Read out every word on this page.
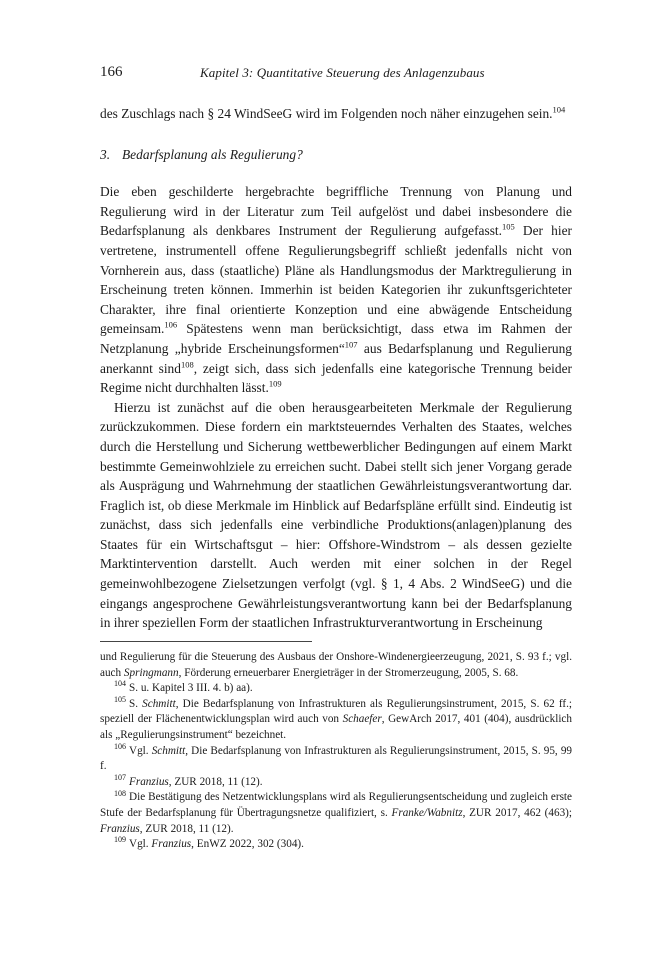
166	Kapitel 3: Quantitative Steuerung des Anlagenzubaus

des Zuschlags nach § 24 WindSeeG wird im Folgenden noch näher einzugehen sein.$^{104}$

3. Bedarfsplanung als Regulierung?

Die eben geschilderte hergebrachte begriffliche Trennung von Planung und Regulierung wird in der Literatur zum Teil aufgelöst und dabei insbesondere die Bedarfsplanung als denkbares Instrument der Regulierung aufgefasst.$^{105}$ Der hier vertretene, instrumentell offene Regulierungsbegriff schließt jedenfalls nicht von Vornherein aus, dass (staatliche) Pläne als Handlungsmodus der Marktregulierung in Erscheinung treten können. Immerhin ist beiden Kategorien ihr zukunftsgerichteter Charakter, ihre final orientierte Konzeption und eine abwägende Entscheidung gemeinsam.$^{106}$ Spätestens wenn man berücksichtigt, dass etwa im Rahmen der Netzplanung „hybride Erscheinungsformen“$^{107}$ aus Bedarfsplanung und Regulierung anerkannt sind$^{108}$, zeigt sich, dass sich jedenfalls eine kategorische Trennung beider Regime nicht durchhalten lässt.$^{109}$

Hierzu ist zunächst auf die oben herausgearbeiteten Merkmale der Regulierung zurückzukommen. Diese fordern ein marktsteuerndes Verhalten des Staates, welches durch die Herstellung und Sicherung wettbewerblicher Bedingungen auf einem Markt bestimmte Gemeinwohlziele zu erreichen sucht. Dabei stellt sich jener Vorgang gerade als Ausprägung und Wahrnehmung der staatlichen Gewährleistungsverantwortung dar. Fraglich ist, ob diese Merkmale im Hinblick auf Bedarfspläne erfüllt sind. Eindeutig ist zunächst, dass sich jedenfalls eine verbindliche Produktions(anlagen)planung des Staates für ein Wirtschaftsgut – hier: Offshore-Windstrom – als dessen gezielte Marktintervention darstellt. Auch werden mit einer solchen in der Regel gemeinwohlbezogene Zielsetzungen verfolgt (vgl. § 1, 4 Abs. 2 WindSeeG) und die eingangs angesprochene Gewährleistungsverantwortung kann bei der Bedarfsplanung in ihrer speziellen Form der staatlichen Infrastrukturverantwortung in Erscheinung

und Regulierung für die Steuerung des Ausbaus der Onshore-Windenergieerzeugung, 2021, S. 93 f.; vgl. auch Springmann, Förderung erneuerbarer Energieträger in der Stromerzeugung, 2005, S. 68.

$^{104}$ S. u. Kapitel 3 III. 4. b) aa).

$^{105}$ S. Schmitt, Die Bedarfsplanung von Infrastrukturen als Regulierungsinstrument, 2015, S. 62 ff.; speziell der Flächenentwicklungsplan wird auch von Schaefer, GewArch 2017, 401 (404), ausdrücklich als „Regulierungsinstrument“ bezeichnet.

$^{106}$ Vgl. Schmitt, Die Bedarfsplanung von Infrastrukturen als Regulierungsinstrument, 2015, S. 95, 99 f.

$^{107}$ Franzius, ZUR 2018, 11 (12).

$^{108}$ Die Bestätigung des Netzentwicklungsplans wird als Regulierungsentscheidung und zugleich erste Stufe der Bedarfsplanung für Übertragungsnetze qualifiziert, s. Franke/Wabnitz, ZUR 2017, 462 (463); Franzius, ZUR 2018, 11 (12).

$^{109}$ Vgl. Franzius, EnWZ 2022, 302 (304).
